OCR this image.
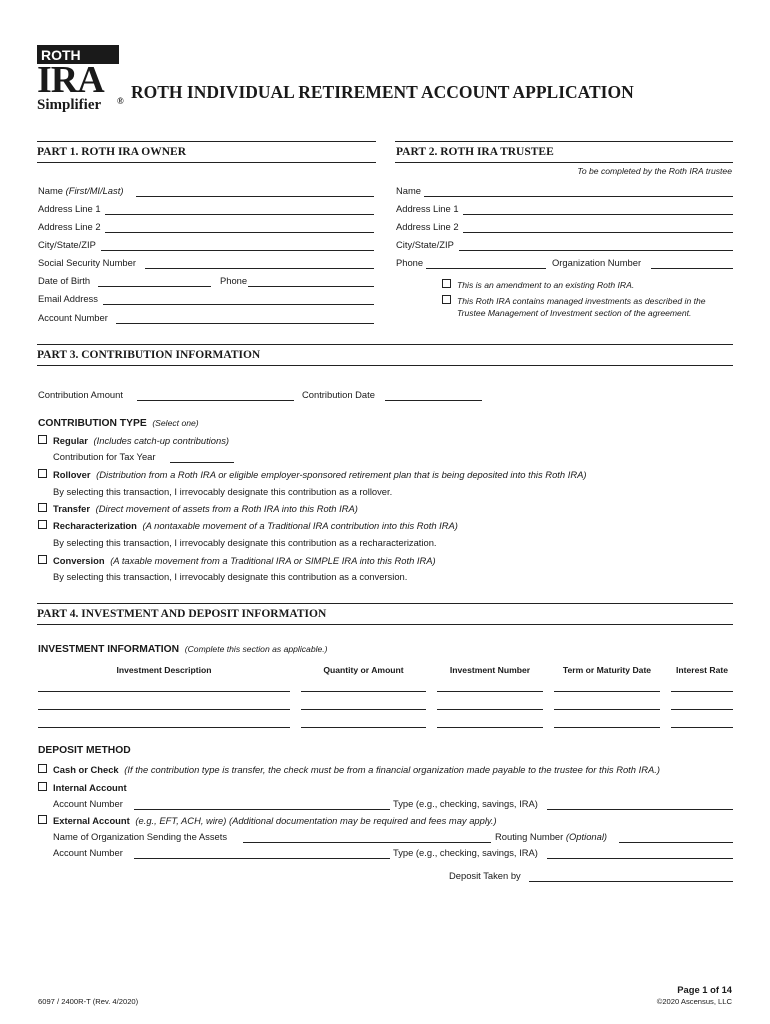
ROTH
IRA
Simplifier ® ROTH INDIVIDUAL RETIREMENT ACCOUNT APPLICATION
PART 1. ROTH IRA OWNER	PART 2. ROTH IRA TRUSTEE
Name (First/MI/Last)
Address Line 1
Address Line 2
City/State/ZIP
Social Security Number
Date of Birth	Phone
Email Address
Account Number
To be completed by the Roth IRA trustee
Name
Address Line 1
Address Line 2
City/State/ZIP
Phone	Organization Number
This is an amendment to an existing Roth IRA.
This Roth IRA contains managed investments as described in the
Trustee Management of Investment section of the agreement.
PART 3. CONTRIBUTION INFORMATION
Contribution Amount	Contribution Date
CONTRIBUTION TYPE (Select one)
Regular (Includes catch-up contributions)
Contribution for Tax Year
Rollover (Distribution from a Roth IRA or eligible employer-sponsored retirement plan that is being deposited into this Roth IRA)
By selecting this transaction, I irrevocably designate this contribution as a rollover.
Transfer (Direct movement of assets from a Roth IRA into this Roth IRA)
Recharacterization (A nontaxable movement of a Traditional IRA contribution into this Roth IRA)
By selecting this transaction, I irrevocably designate this contribution as a recharacterization.
Conversion (A taxable movement from a Traditional IRA or SIMPLE IRA into this Roth IRA)
By selecting this transaction, I irrevocably designate this contribution as a conversion.
PART 4. INVESTMENT AND DEPOSIT INFORMATION
INVESTMENT INFORMATION (Complete this section as applicable.)
Investment Description	Quantity or Amount	Investment Number	Term or Maturity Date	Interest Rate
DEPOSIT METHOD
Cash or Check (If the contribution type is transfer, the check must be from a financial organization made payable to the trustee for this Roth IRA.)
Internal Account
Account Number	Type (e.g., checking, savings, IRA)
External Account (e.g., EFT, ACH, wire) (Additional documentation may be required and fees may apply.)
Name of Organization Sending the Assets	Routing Number (Optional)
Account Number	Type (e.g., checking, savings, IRA)
Deposit Taken by
6097 / 2400R-T (Rev. 4/2020)
Page 1 of 14
©2020 Ascensus, LLC
